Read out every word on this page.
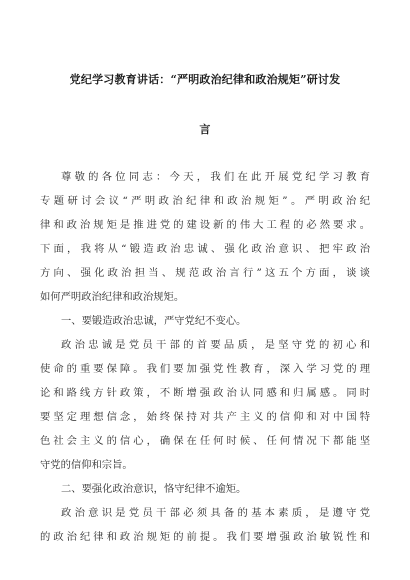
党纪学习教育讲话：“严明政治纪律和政治规矩”研讨发
言
尊敬的各位同志：今天，我们在此开展党纪学习教育
专题研讨会议“严明政治纪律和政治规矩”。严明政治纪
律和政治规矩是推进党的建设新的伟大工程的必然要求。
下面，我将从“锻造政治忠诚、强化政治意识、把牢政治
方向、强化政治担当、规范政治言行”这五个方面，谈谈
如何严明政治纪律和政治规矩。
一、要锻造政治忠诚，严守党纪不变心。
政治忠诚是党员干部的首要品质，是坚守党的初心和
使命的重要保障。我们要加强党性教育，深入学习党的理
论和路线方针政策，不断增强政治认同感和归属感。同时
要坚定理想信念，始终保持对共产主义的信仰和对中国特
色社会主义的信心，确保在任何时候、任何情况下都能坚
守党的信仰和宗旨。
二、要强化政治意识，恪守纪律不逾矩。
政治意识是党员干部必须具备的基本素质，是遵守党
的政治纪律和政治规矩的前提。我们要增强政治敏锐性和
